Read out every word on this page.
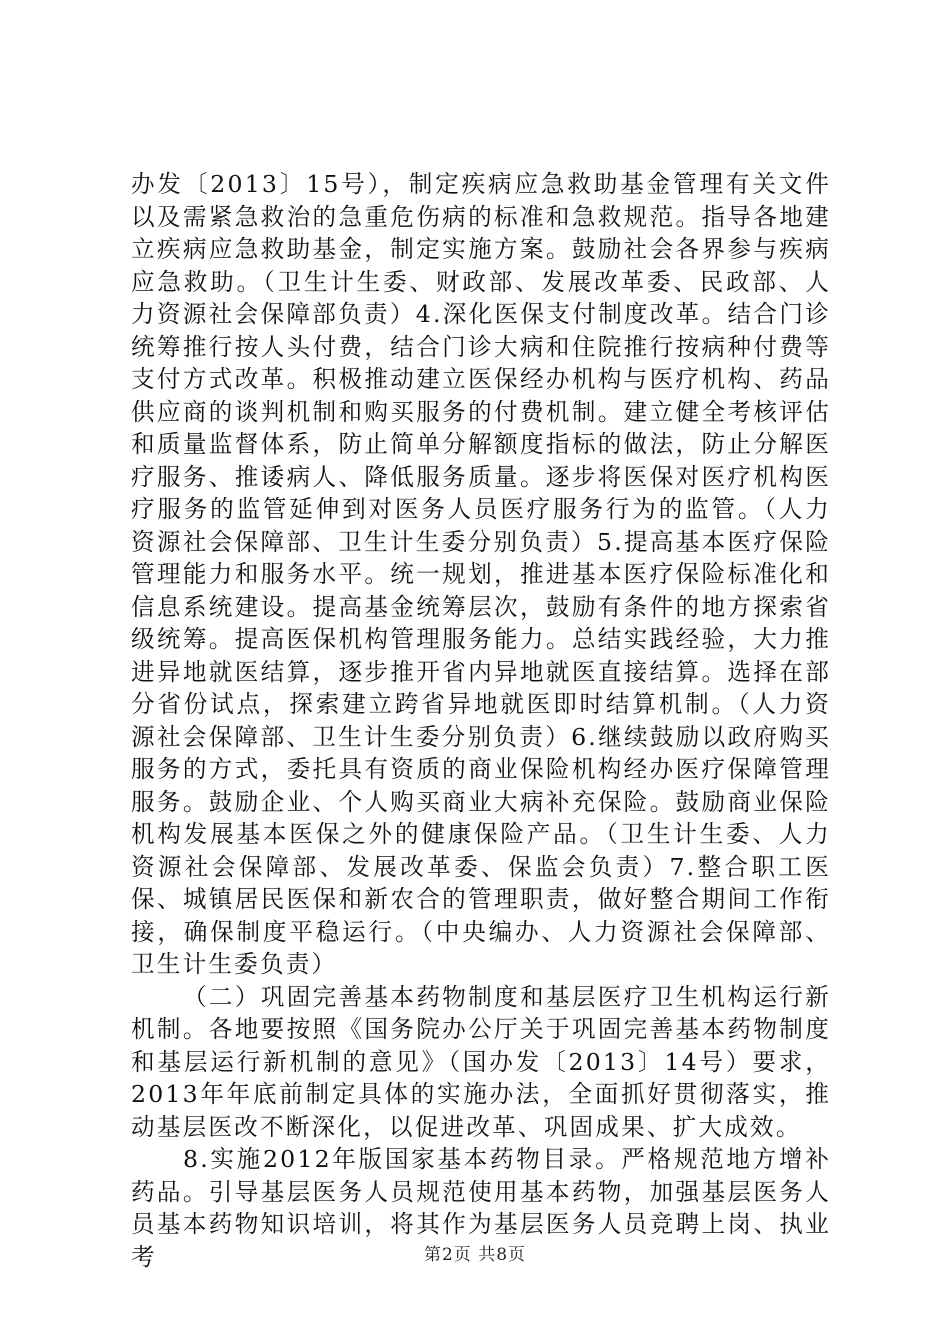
办发〔2013〕15号），制定疾病应急救助基金管理有关文件以及需紧急救治的急重危伤病的标准和急救规范。指导各地建立疾病应急救助基金，制定实施方案。鼓励社会各界参与疾病应急救助。（卫生计生委、财政部、发展改革委、民政部、人力资源社会保障部负责）4.深化医保支付制度改革。结合门诊统筹推行按人头付费，结合门诊大病和住院推行按病种付费等支付方式改革。积极推动建立医保经办机构与医疗机构、药品供应商的谈判机制和购买服务的付费机制。建立健全考核评估和质量监督体系，防止简单分解额度指标的做法，防止分解医疗服务、推诿病人、降低服务质量。逐步将医保对医疗机构医疗服务的监管延伸到对医务人员医疗服务行为的监管。（人力资源社会保障部、卫生计生委分别负责）5.提高基本医疗保险管理能力和服务水平。统一规划，推进基本医疗保险标准化和信息系统建设。提高基金统筹层次，鼓励有条件的地方探索省级统筹。提高医保机构管理服务能力。总结实践经验，大力推进异地就医结算，逐步推开省内异地就医直接结算。选择在部分省份试点，探索建立跨省异地就医即时结算机制。（人力资源社会保障部、卫生计生委分别负责）6.继续鼓励以政府购买服务的方式，委托具有资质的商业保险机构经办医疗保障管理服务。鼓励企业、个人购买商业大病补充保险。鼓励商业保险机构发展基本医保之外的健康保险产品。（卫生计生委、人力资源社会保障部、发展改革委、保监会负责）7.整合职工医保、城镇居民医保和新农合的管理职责，做好整合期间工作衔接，确保制度平稳运行。（中央编办、人力资源社会保障部、卫生计生委负责）

（二）巩固完善基本药物制度和基层医疗卫生机构运行新机制。各地要按照《国务院办公厅关于巩固完善基本药物制度和基层运行新机制的意见》（国办发〔2013〕14号）要求，2013年年底前制定具体的实施办法，全面抓好贯彻落实，推动基层医改不断深化，以促进改革、巩固成果、扩大成效。

8.实施2012年版国家基本药物目录。严格规范地方增补药品。引导基层医务人员规范使用基本药物，加强基层医务人员基本药物知识培训，将其作为基层医务人员竞聘上岗、执业考	第2页 共8页
